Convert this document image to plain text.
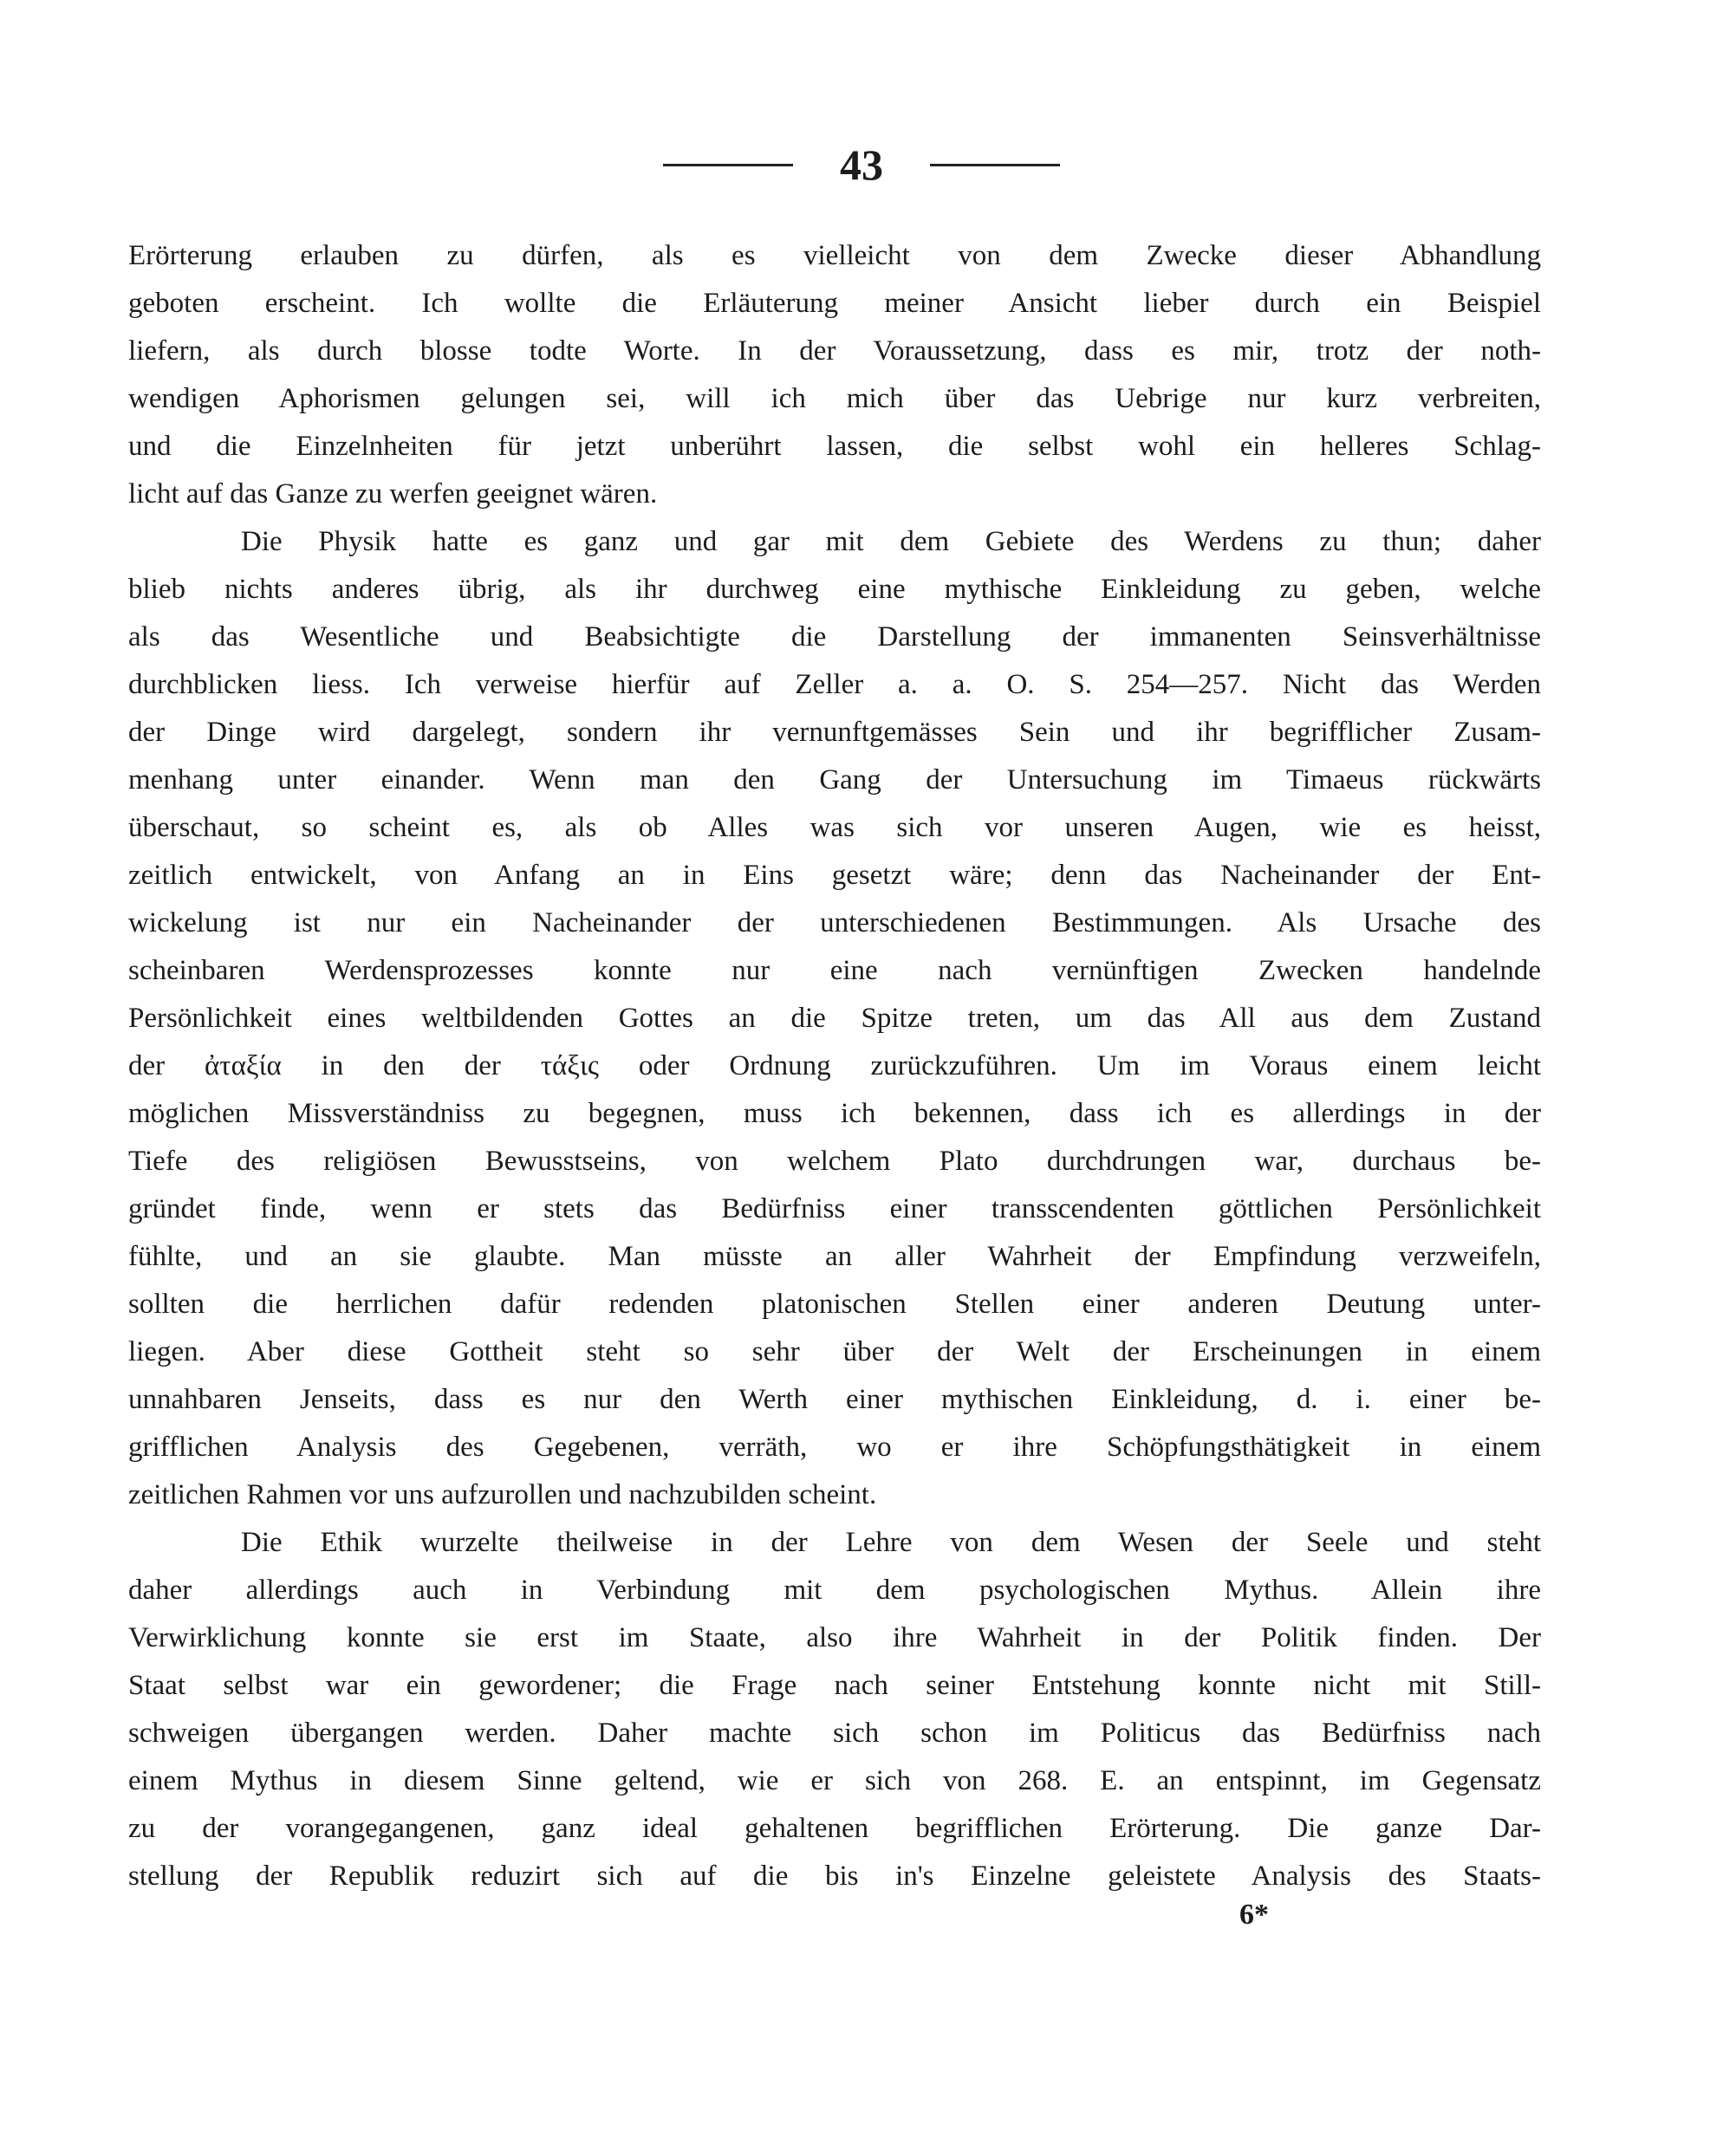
43
Erörterung erlauben zu dürfen, als es vielleicht von dem Zwecke dieser Abhandlung
geboten erscheint. Ich wollte die Erläuterung meiner Ansicht lieber durch ein Beispiel
liefern, als durch blosse todte Worte. In der Voraussetzung, dass es mir, trotz der noth-
wendigen Aphorismen gelungen sei, will ich mich über das Uebrige nur kurz verbreiten,
und die Einzelnheiten für jetzt unberührt lassen, die selbst wohl ein helleres Schlag-
licht auf das Ganze zu werfen geeignet wären.
Die Physik hatte es ganz und gar mit dem Gebiete des Werdens zu thun; daher
blieb nichts anderes übrig, als ihr durchweg eine mythische Einkleidung zu geben, welche
als das Wesentliche und Beabsichtigte die Darstellung der immanenten Seinsverhältnisse
durchblicken liess. Ich verweise hierfür auf Zeller a. a. O. S. 254—257. Nicht das Werden
der Dinge wird dargelegt, sondern ihr vernunftgemässes Sein und ihr begrifflicher Zusam-
menhang unter einander. Wenn man den Gang der Untersuchung im Timaeus rückwärts
überschaut, so scheint es, als ob Alles was sich vor unseren Augen, wie es heisst,
zeitlich entwickelt, von Anfang an in Eins gesetzt wäre; denn das Nacheinander der Ent-
wickelung ist nur ein Nacheinander der unterschiedenen Bestimmungen. Als Ursache des
scheinbaren Werdensprozesses konnte nur eine nach vernünftigen Zwecken handelnde
Persönlichkeit eines weltbildenden Gottes an die Spitze treten, um das All aus dem Zustand
der ἀταξία in den der τάξις oder Ordnung zurückzuführen. Um im Voraus einem leicht
möglichen Missverständniss zu begegnen, muss ich bekennen, dass ich es allerdings in der
Tiefe des religiösen Bewusstseins, von welchem Plato durchdrungen war, durchaus be-
gründet finde, wenn er stets das Bedürfniss einer transscendenten göttlichen Persönlichkeit
fühlte, und an sie glaubte. Man müsste an aller Wahrheit der Empfindung verzweifeln,
sollten die herrlichen dafür redenden platonischen Stellen einer anderen Deutung unter-
liegen. Aber diese Gottheit steht so sehr über der Welt der Erscheinungen in einem
unnahbaren Jenseits, dass es nur den Werth einer mythischen Einkleidung, d. i. einer be-
grifflichen Analysis des Gegebenen, verräth, wo er ihre Schöpfungsthätigkeit in einem
zeitlichen Rahmen vor uns aufzurollen und nachzubilden scheint.
Die Ethik wurzelte theilweise in der Lehre von dem Wesen der Seele und steht
daher allerdings auch in Verbindung mit dem psychologischen Mythus. Allein ihre
Verwirklichung konnte sie erst im Staate, also ihre Wahrheit in der Politik finden. Der
Staat selbst war ein gewordener; die Frage nach seiner Entstehung konnte nicht mit Still-
schweigen übergangen werden. Daher machte sich schon im Politicus das Bedürfniss nach
einem Mythus in diesem Sinne geltend, wie er sich von 268. E. an entspinnt, im Gegensatz
zu der vorangegangenen, ganz ideal gehaltenen begrifflichen Erörterung. Die ganze Dar-
stellung der Republik reduzirt sich auf die bis in's Einzelne geleistete Analysis des Staats-
6*
